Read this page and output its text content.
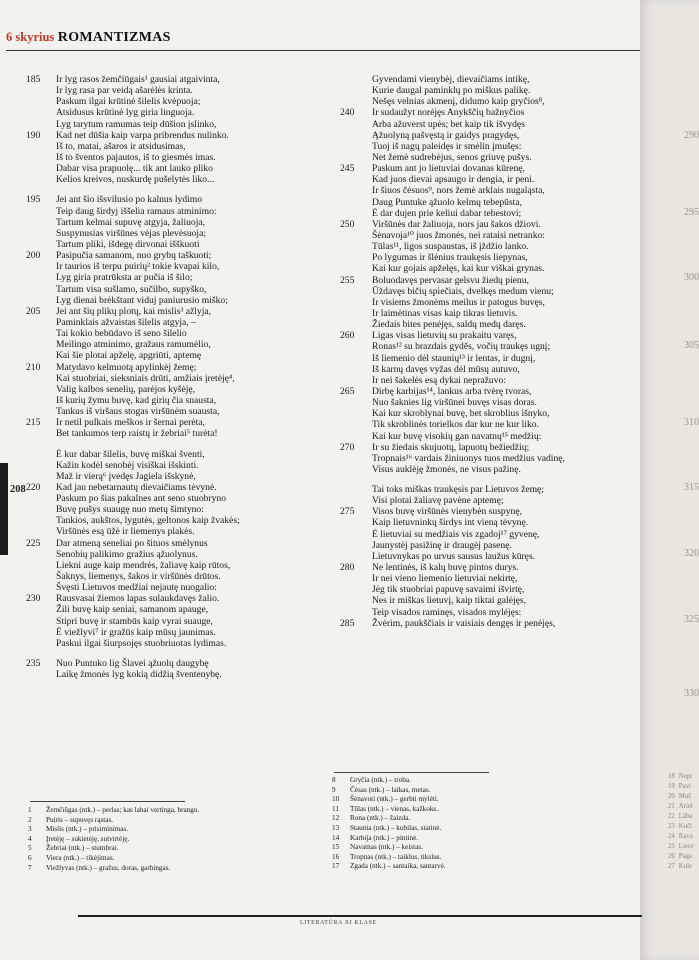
290
295
300
305
310
315
320
325
330
18 Nepr
19 Pavi
20 Muš
21 Ariel
22 Läba
23 Kuči
24 Rava
25 Liesv
26 Paga
27 Kule
6 skyrius ROMANTIZMAS
208
185	Ir lyg rasos žemčiūgais¹ gausiai atgaivinta,
Ir lyg rasa par veidą ašarėlės krinta.
Paskum ilgai krūtinė šilelis kvėpuoja;
Atsidusus krūtinė lyg giria linguoja.
Lyg tarytum ramumas teip dūšion įslinko,
190	Kad net dūšia kaip varpa pribrendus nulinko.
Iš to, matai, ašaros ir atsidusimas,
Iš to šventos pajautos, iš to giesmės imas.
Dabar visa prapuolę... tik ant lauko pliko
Kelios kreivos, nuskurdę pušelytės liko...
195	Jei ant šio išsvilusio po kalnus lydimo
Teip daug širdyj iššelia ramaus atminimo:
Tartum kelmai supuvę atgyja, žaliuoja,
Suspynusias viršūnes vėjas plevėsuoja;
Tartum pliki, išdegę dirvonai išškuoti
200	Pasipučia samanom, nuo grybų taškuoti;
Ir taurios iš terpu puirių² tokie kvapai kilo,
Lyg giria pratrūksta ar pučia iš šilo;
Tartum visa sušlamo, sučilbo, supyško,
Lyg dienai brėkštant viduj paniurusio miško;
205	Jei ant šių plikų plotų, kai mislis³ ažlyja,
Paminklais ažvaistas šilelis atgyja, –
Tai kokio bebūdavo iš seno šilelio
Meilingo atminimo, gražaus ramumėlio,
Kai šie plotai apželę, apgriūti, aptemę
210	Matydavo kelmuotą apylinkėj žemę;
Kai stuobriai, sieksniais drūti, amžiais įretėję⁴,
Valig kalbos senelių, parėjos kyšėję,
Iš kurių žymu buvę, kad girių čia snausta,
Tankus iš viršaus stogas viršūnėm suausta,
215	Ir netil pulkais meškos ir šernai perėta,
Bet tankumos terp raistų ir žebriai⁵ turėta!
Ė kur dabar šilelis, buvę miškai šventi,
Kažin kodėl senobėj visiškai išskinti.
Maž ir vierą⁶ įvedęs Jagiela išskynė,
220	Kad jau nebetarnautų dievaičiams tėvynė.
Paskum po šias pakalnes ant seno stuobryno
Buvę pušys suaugę nuo metų šimtyno:
Tankios, aukštos, lygutės, geltonos kaip žvakės;
Viršūnės esą ūžė ir liemenys plakės.
225	Dar atmeną seneliai po šituos smėlynus
Senobių palikimo gražius ąžuolynus.
Liekni auge kaip mendrės, žaliavę kaip rūtos,
Šaknys, liemenys, šakos ir viršūnės drūtos.
Švęsti Lietuvos medžiai nejautę nuogalio:
230	Rausvasai žiemos lapas sulaukdavęs žalio.
Žili buvę kaip seniai, samanom apauge,
Stipri buvę ir stambūs kaip vyrai suauge,
Ė viežlyvi⁷ ir gražūs kaip mūsų jaunimas.
Paskui ilgai šiurpsojęs stuobriuotas lydimas.
235	Nuo Puntuko lig Šlavei ąžuolų daugybę
Laikę žmonės lyg kokią didžią šventenybę.
Gyvendami vienybėj, dievaičiams intikę,
Kurie daugal paminklų po miškus palikę.
Nešęs velnias akmenį, didumo kaip gryčios⁸,
240	Ir sudaužyt norėjęs Anykščių bažnyčios
Arba ažuverst upės; bet kaip tik išvydęs
Ąžuolyną pašvęstą ir gaidys pragydęs,
Tuoj iš nagų paleidęs ir smėlin įmušęs:
Net žemė sudrebėjus, senos griuvę pušys.
245	Paskum ant jo lietuviai dovanas kūrenę,
Kad juos dievai apsaugo ir dengia, ir peni.
Ir šiuos čėsuos⁹, nors žemė arklais nugaląsta,
Daug Puntuke ąžuolo kelmų tebepūsta,
Ė dar dujen prie keliui dabar tebestovi;
250	Viršūnės dar žaliuoja, nors jau šakos džiovi.
Šėnavoja¹⁰ juos žmonės, nei rataisi netranko:
Tūlas¹¹, ligos suspaustas, iš įždžio lanko.
Po lygumas ir šlėnius traukęsis liepynas,
Kai kur gojais apželęs, kai kur viškai grynas.
255	Boluodavęs pervasar gelsvu žiedų pienu,
Ūždavęs bičių spiečiais, dvelkęs medum vienu;
Ir visiems žmonėms meilus ir patogus buvęs,
Ir laimėtinas visas kaip tikras lietuvis.
Žiedais bites penėjęs, saldų medų daręs.
260	Ligas visas lietuvių su prakaitu varęs,
Ronas¹² su brazdais gyděs, vočių traukęs ugnį;
Iš liemenio dėl staunių¹³ ir lentas, ir dugnį,
Iš karnų davęs vyžas dėl mūsų autuvo,
Ir nei šakelės esą dykai nepražuvo:
265	Dirbę karbijas¹⁴, lankus arba tvėrę tvoras,
Nuo šaknies lig viršūnei buvęs visas doras.
Kai kur skroblynai buvę, bet skroblius išnyko,
Tik skroblinės torielkos dar kur ne kur liko.
Kai kur buvę visokių gan navatnų¹⁵ medžių:
270	Ir su žiedais skujuotų, lapuotų bežiedžių;
Tropnais¹⁶ vardais žiniuonys tuos medžius vadinę,
Visus auklėję žmonės, ne visus pažinę.
Tai toks miškas traukęsis par Lietuvos žemę;
Visi plotai žaliavę pavėne aptemę;
275	Visos buvę viršūnės vienybėn suspynę,
Kaip lietuvninkų širdys int vieną tėvynę.
Ė lietuviai su medžiais vis zgadoj¹⁷ gyvenę,
Jaunystėj pasižinę ir draugėj pasenę.
Lietuvnykas po urvus sausus laužus kūręs.
280	Ne lentinės, iš kalų buvę pintos durys.
Ir nei vieno liemenio lietuviai nekirtę,
Jėg tik stuobriai papuvę savaimi išvirtę,
Nes ir miškas lietuvį, kaip tiktai galėjęs,
Teip visados raminęs, visados myléjęs:
285	Žvėrim, paukščiais ir vaisiais dengęs ir penėjęs,
1 Žemčiūgas (ntk.) – perlas; kas labai vertinga, brangu.
2 Puiris – supuvęs rąstas.
3 Mislis (ntk.) – prisiminimas.
4 Įretėję – sukietėję, sutvirtėję.
5 Žebriai (ntk.) – stumbrai.
6 Viera (ntk.) – tikėjimas.
7 Viežlyvas (ntk.) – gražus, doras, garbingas.
8 Gryčia (ntk.) – troba.
9 Čėsas (ntk.) – laikas, metas.
10 Šėnavoti (ntk.) – gerbti mylėti.
11 Tūlas (ntk.) – vienas, kažkoks.
12 Rona (ntk.) – žaizda.
13 Staunia (ntk.) – kubilas, statinė.
14 Karbija (ntk.) – pintinė.
15 Navatnas (ntk.) – keistas.
16 Tropnas (ntk.) – taiklus, tikslus.
17 Zgada (ntk.) – santaika, santarvė.
LITERATŪRA XI KLASE
